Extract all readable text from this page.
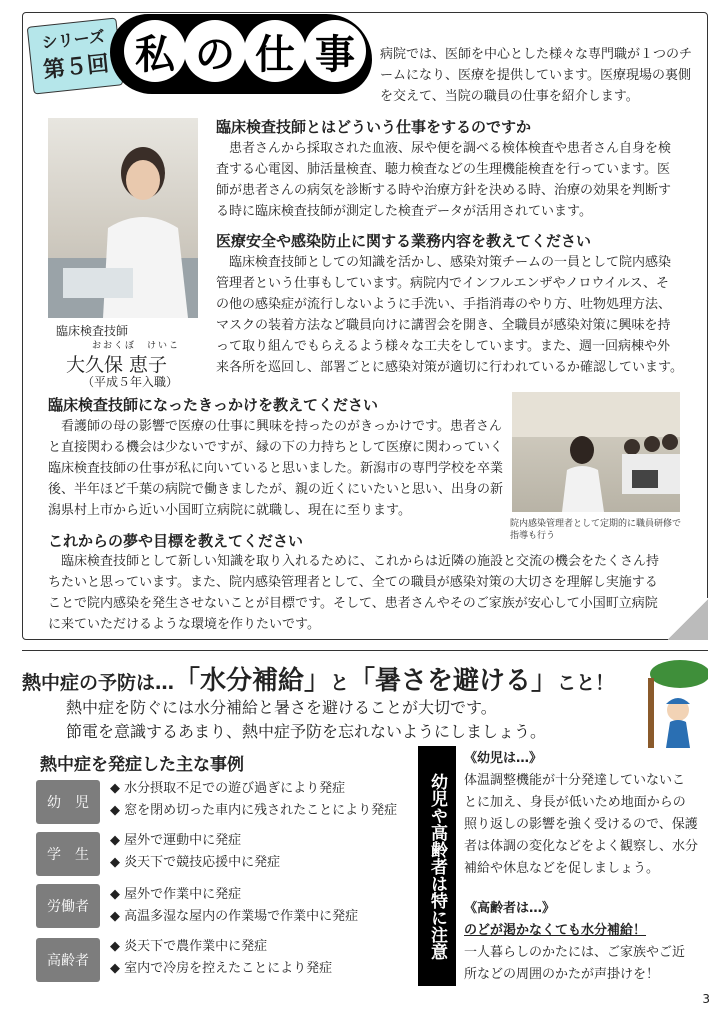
シリーズ
第５回 私 の 仕 事	病院では、医師を中心とした様々な専門職が１つのチームになり、医療を提供しています。医療現場の裏側を交えて、当院の職員の仕事を紹介します。
臨床検査技師
おおくぼ　けいこ
大久保 恵子
（平成５年入職）
臨床検査技師とはどういう仕事をするのですか
患者さんから採取された血液、尿や便を調べる検体検査や患者さん自身を検
査する心電図、肺活量検査、聴力検査などの生理機能検査を行っています。医
師が患者さんの病気を診断する時や治療方針を決める時、治療の効果を判断す
る時に臨床検査技師が測定した検査データが活用されています。
医療安全や感染防止に関する業務内容を教えてください
臨床検査技師としての知識を活かし、感染対策チームの一員として院内感染
管理者という仕事もしています。病院内でインフルエンザやノロウイルス、そ
の他の感染症が流行しないように手洗い、手指消毒のやり方、吐物処理方法、
マスクの装着方法など職員向けに講習会を開き、全職員が感染対策に興味を持
って取り組んでもらえるよう様々な工夫をしています。また、週一回病棟や外
来各所を巡回し、部署ごとに感染対策が適切に行われているか確認しています。
臨床検査技師になったきっかけを教えてください
看護師の母の影響で医療の仕事に興味を持ったのがきっかけです。患者さん
と直接関わる機会は少ないですが、縁の下の力持ちとして医療に関わっていく
臨床検査技師の仕事が私に向いていると思いました。新潟市の専門学校を卒業
後、半年ほど千葉の病院で働きましたが、親の近くにいたいと思い、出身の新
潟県村上市から近い小国町立病院に就職し、現在に至ります。
院内感染管理者として定期的に職員研修で指導も行う
これからの夢や目標を教えてください
臨床検査技師として新しい知識を取り入れるために、これからは近隣の施設と交流の機会をたくさん持
ちたいと思っています。また、院内感染管理者として、全ての職員が感染対策の大切さを理解し実施する
ことで院内感染を発生させないことが目標です。そして、患者さんやそのご家族が安心して小国町立病院
に来ていただけるような環境を作りたいです。
熱中症の予防は…「水分補給」と「暑さを避ける」こと！
熱中症を防ぐには水分補給と暑さを避けることが大切です。
節電を意識するあまり、熱中症予防を忘れないようにしましょう。
熱中症を発症した主な事例
幼　児
◆ 水分摂取不足での遊び過ぎにより発症
◆ 窓を閉め切った車内に残されたことにより発症
学　生
◆ 屋外で運動中に発症
◆ 炎天下で競技応援中に発症
労働者
◆ 屋外で作業中に発症
◆ 高温多湿な屋内の作業場で作業中に発症
高齢者
◆ 炎天下で農作業中に発症
◆ 室内で冷房を控えたことにより発症
幼児や高齢者は特に注意
《幼児は…》
体温調整機能が十分発達していないこ
とに加え、身長が低いため地面からの
照り返しの影響を強く受けるので、保護
者は体調の変化などをよく観察し、水分
補給や休息などを促しましょう。
《高齢者は…》
のどが渇かなくても水分補給！
一人暮らしのかたには、ご家族やご近
所などの周囲のかたが声掛けを！
3
